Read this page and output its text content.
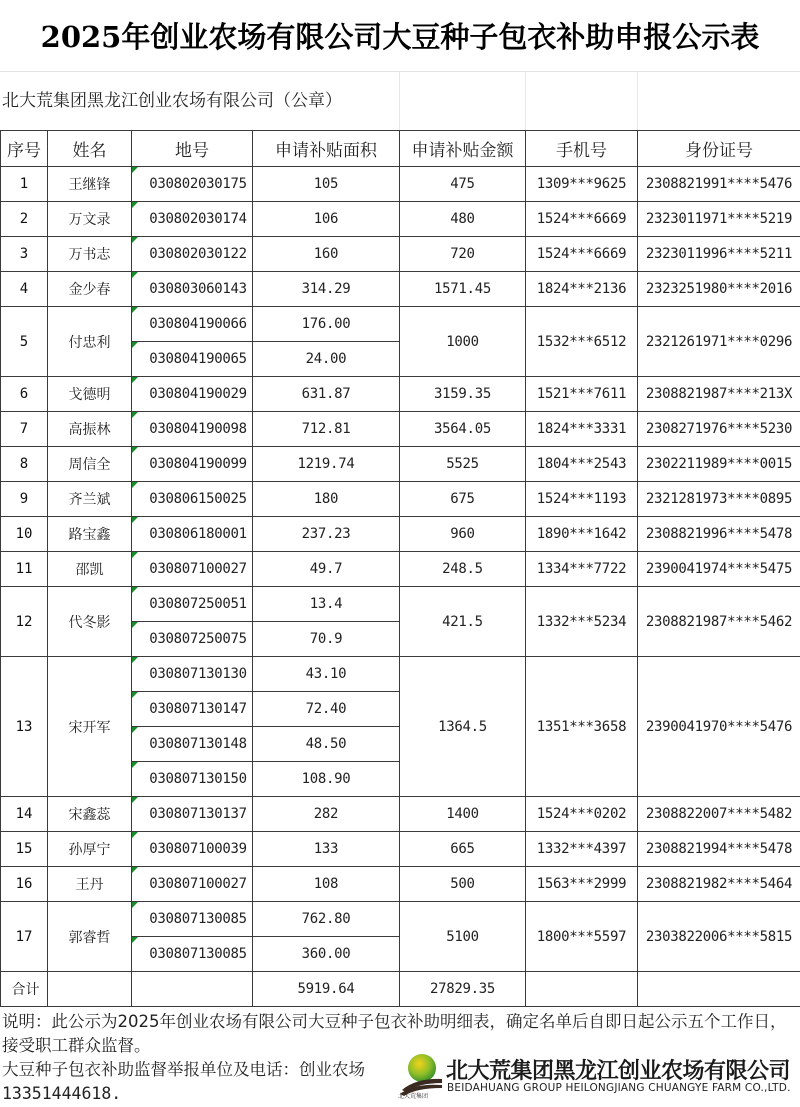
2025年创业农场有限公司大豆种子包衣补助申报公示表
北大荒集团黑龙江创业农场有限公司（公章）
序号	姓名	地号	申请补贴面积	申请补贴金额	手机号	身份证号
1	王继锋	030802030175	105	475	1309***9625	2308821991****5476
2	万文录	030802030174	106	480	1524***6669	2323011971****5219
3	万书志	030802030122	160	720	1524***6669	2323011996****5211
4	金少春	030803060143	314.29	1571.45	1824***2136	2323251980****2016
5	付忠利	030804190066	176.00	1000	1532***6512	2321261971****0296
		030804190065	24.00			
6	戈德明	030804190029	631.87	3159.35	1521***7611	2308821987****213X
7	高振林	030804190098	712.81	3564.05	1824***3331	2308271976****5230
8	周信全	030804190099	1219.74	5525	1804***2543	2302211989****0015
9	齐兰斌	030806150025	180	675	1524***1193	2321281973****0895
10	路宝鑫	030806180001	237.23	960	1890***1642	2308821996****5478
11	邵凯	030807100027	49.7	248.5	1334***7722	2390041974****5475
12	代冬影	030807250051	13.4	421.5	1332***5234	2308821987****5462
		030807250075	70.9			
13	宋开军	030807130130	43.10	1364.5	1351***3658	2390041970****5476
		030807130147	72.40			
		030807130148	48.50			
		030807130150	108.90			
14	宋鑫蕊	030807130137	282	1400	1524***0202	2308822007****5482
15	孙厚宁	030807100039	133	665	1332***4397	2308821994****5478
16	王丹	030807100027	108	500	1563***2999	2308821982****5464
17	郭睿哲	030807130085	762.80	5100	1800***5597	2303822006****5815
		030807130085	360.00			
合计			5919.64	27829.35		
说明：此公示为2025年创业农场有限公司大豆种子包衣补助明细表，确定名单后自即日起公示五个工作日，接受职工群众监督。
大豆种子包衣补助监督举报单位及电话：创业农场
13351444618.	北大荒集团
北大荒集团黑龙江创业农场有限公司
BEIDAHUANG GROUP HEILONGJIANG CHUANGYE FARM CO.,LTD.
